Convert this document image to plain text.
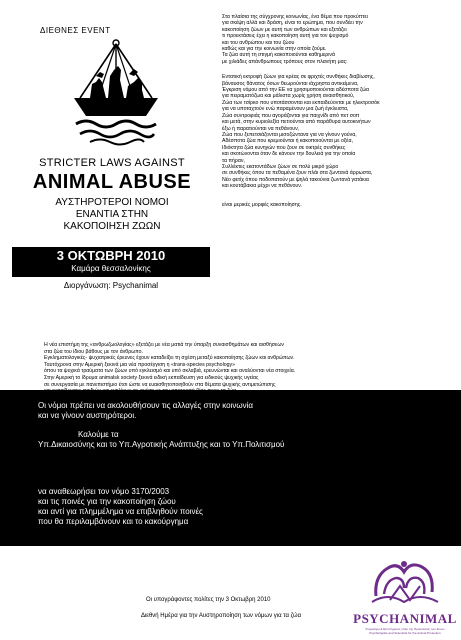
ΔΙΕΘΝΕΣ EVENT
STRICTER LAWS AGAINST
ANIMAL ABUSE
ΑΥΣΤΗΡΟΤΕΡΟΙ ΝΟΜΟΙ
ΕΝΑΝΤΙΑ ΣΤΗΝ
ΚΑΚΟΠΟΙΗΣΗ ΖΩΩΝ
3 ΟΚΤΩΒΡΗ 2010
Καμάρα θεσσαλονίκης
Διοργάνωση: Psychanimal

Στα πλαίσια της σύγχρονης κοινωνίας, ένα θέμα που προκύπτει

για σκέψη αλλά και δράση, είναι το ερώτημα, που συνδέει την

κακοποίηση ζώων με αυτή των ανθρώπων και εξετάζει

τι προεκτάσεις έχει η κακοποίηση αυτή για τον ψυχισμό

και του ανθρώπου και του ζώου

καθώς και για την κοινωνία στην οποία ζούμε.

Τα ζώα αυτή τη στιγμή κακοποιούνται καθημερινά

με χιλιάδες απάνθρωπους τρόπους στον πλανήτη μας:

Εντατική εκτροφή ζώων για κρέας σε φριχτές συνθήκες διαβίωσης,

βάναυσος θάνατος όσων θεωρούνται ιάχρηστα αντικείμενα,

Έγκριση νόμου από την ΕΕ να χρησιμοποιούνται αδέσποτα ζώα

για πειραματόζωα και μάλιστα χωρίς χρήση αναισθητικού,

Ζώα των τσίρκο που υποτάσσονται και εκπαιδεύονται με ηλεκτροσόκ

για να υποταχτούν ενώ παραμένουν μια ζωή έγκλειστα,

Ζώα συντροφιάς που αγοράζονται για παιχνίδι από πετ σοπ

και μετά, στην κυριολεξία πετιούνται από παράθυρα αυτοκινήτων

έξω ή παρατιούνται να πεθάνουν,

Ζώα που ξεπετσιάζονται μισοζώντανα για να γίνουν γούνα,

Αδέσποτα ζώα που κρεμιούνται ή κακοποιούνται με οξέα,

Ιδιόκτητα ζώα κυνηγών που ζουν σε οικτρές συνθήκες

και σκοτώνονται όταν δε κάνουν την δουλειά για την οποία

τα πήραν,

Συλλέκτες εκατοντάδων ζώων σε πολύ μικρό χώρο

σε συνθήκες όπου τα πεθαμένα ζουν πλάι στα ζωντανά άρρωστα,

Νέο φετίχ όπου ποδοπατούν με ψηλά τακούνια ζωντανά γατάκια

και κουτάβακια μέχρι να πεθάνουν.

είναι μερικές μορφές κακοποίησης.

Η νέα επιστήμη της «ανθρωζωολογίας» εξετάζει με νέα ματιά την ύπαρξη συναισθημάτων και αισθήσεων

στα ζώα του ίδιου βάθους με τον άνθρωπο.

Εγκληματολογικές- ψυχιατρικές έρευνες έχουν καταδείξει τη σχέση μεταξύ κακοποίησης ζώων και ανθρώπων.

Ταυτόχρονα στην Αμερική ξεκινά μια νέα προσέγγιση η «trans-species psychology»

όπου τα ψυχικά τραύματα των ζώων υπό εγκλεισμό και υπό σκλαβιά, ερευνώνται και αναλύονται νέα στοιχεία.

Στην Αμερική το ίδρυμα animalsk society ξεκινά ειδική εκπαίδευση για ειδικούς ψυχικής υγείας

σε συνεργασία με πανεπιστήμιο έτσι ώστε να ευαισθητοποιηθούν στα θέματα ψυχικής αντιμετώπισης

Οι νόμοι πρέπει να ακολουθήσουν τις αλλαγές στην κοινωνία

και να γίνουν αυστηρότεροι.

Καλούμε τα

Υπ.Δικαιοσύνης και το Υπ.Αγροτικής Ανάπτυξης και το Υπ.Πολιτισμού

να αναθεωρήσει τον νόμο 3170/2003

και τις ποινές για την κακοποίηση ζώου

και αντί για πλημμέλημα να επιβληθούν ποινές

που θα περιλαμβάνουν και το κακούργημα

Οι υπογράφοντες πολίτες την 3 Οκτωβρη 2010
Διεθνή Ημέρα για την Αυστηροποίηση των νόμων για τα ζώα	PSYCHANIMAL
Ψυχολόγοι & Επιστήμονες υπέρ της Προστασίας των Ζώων
Psychologists and Scientists for the Animal Protection
